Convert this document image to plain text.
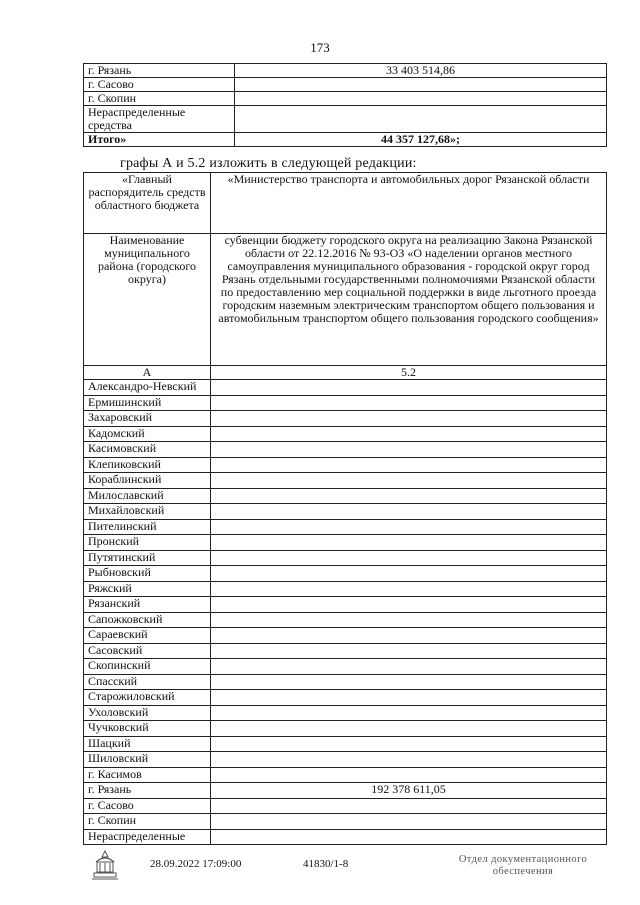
173
г. Рязань	33 403 514,86
г. Сасово	
г. Скопин	
Нераспределенные средства	
Итого»	44 357 127,68»;
графы А и 5.2 изложить в следующей редакции:
«Главный распорядитель средств областного бюджета	«Министерство транспорта и автомобильных дорог Рязанской области
Наименование муниципального района (городского округа)	субвенции бюджету городского округа на реализацию Закона Рязанской области от 22.12.2016 № 93-ОЗ «О наделении органов местного самоуправления муниципального образования - городской округ город Рязань отдельными государственными полномочиями Рязанской области по предоставлению мер социальной поддержки в виде льготного проезда городским наземным электрическим транспортом общего пользования и автомобильным транспортом общего пользования городского сообщения»
А	5.2
Александро-Невский	
Ермишинский	
Захаровский	
Кадомский	
Касимовский	
Клепиковский	
Кораблинский	
Милославский	
Михайловский	
Пителинский	
Пронский	
Путятинский	
Рыбновский	
Ряжский	
Рязанский	
Сапожковский	
Сараевский	
Сасовский	
Скопинский	
Спасский	
Старожиловский	
Ухоловский	
Чучковский	
Шацкий	
Шиловский	
г. Касимов	
г. Рязань	192 378 611,05
г. Сасово	
г. Скопин	
Нераспределенные	
28.09.2022 17:09:00	41830/1-8	Отдел документационного обеспечения
